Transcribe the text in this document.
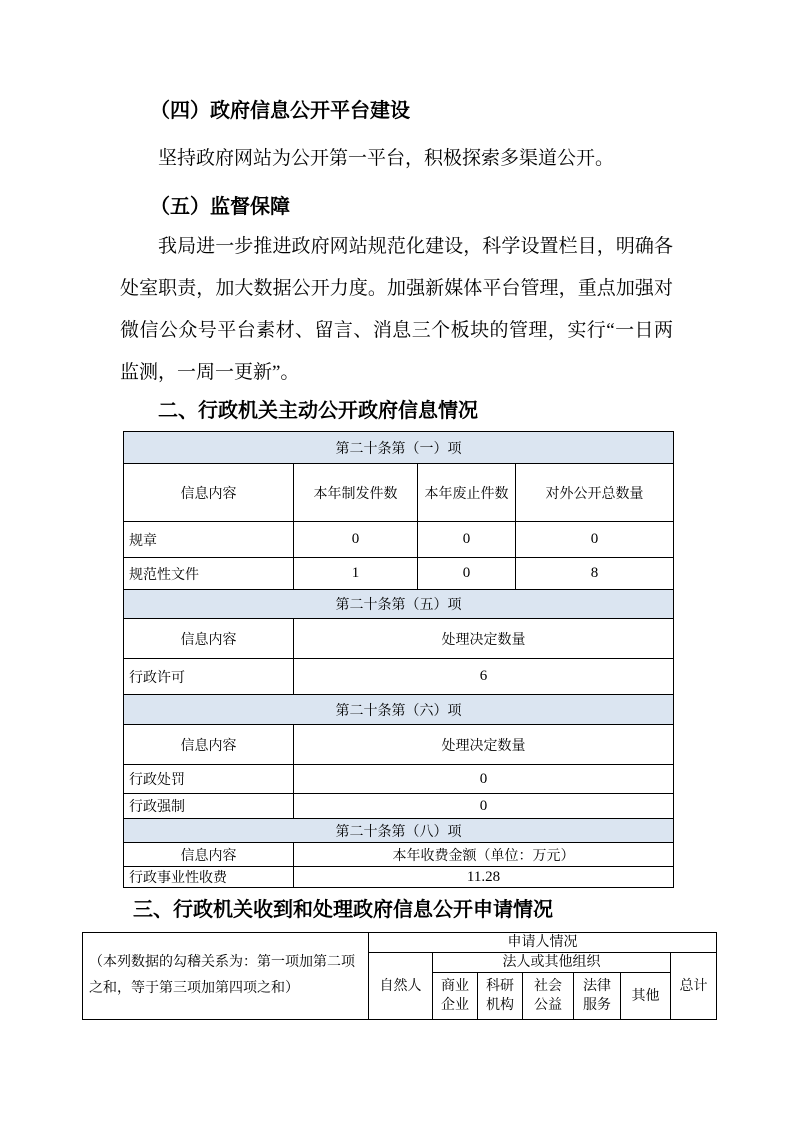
（四）政府信息公开平台建设

坚持政府网站为公开第一平台，积极探索多渠道公开。

（五）监督保障

我局进一步推进政府网站规范化建设，科学设置栏目，明确各处室职责，加大数据公开力度。加强新媒体平台管理，重点加强对微信公众号平台素材、留言、消息三个板块的管理，实行“一日两监测，一周一更新”。

二、行政机关主动公开政府信息情况
第二十条第（一）项			
信息内容	本年制发件数	本年废止件数	对外公开总数量
规章	0	0	0
规范性文件	1	0	8
第二十条第（五）项			
信息内容	处理决定数量		
行政许可	6		
第二十条第（六）项			
信息内容	处理决定数量		
行政处罚	0		
行政强制	0		
第二十条第（八）项			
信息内容	本年收费金额（单位：万元）		
行政事业性收费	11.28		
三、行政机关收到和处理政府信息公开申请情况
（本列数据的勾稽关系为：第一项加第二项之和，等于第三项加第四项之和）	申请人情况						
	自然人	法人或其他组织					总计
		商业企业	科研机构	社会公益	法律服务	其他	
